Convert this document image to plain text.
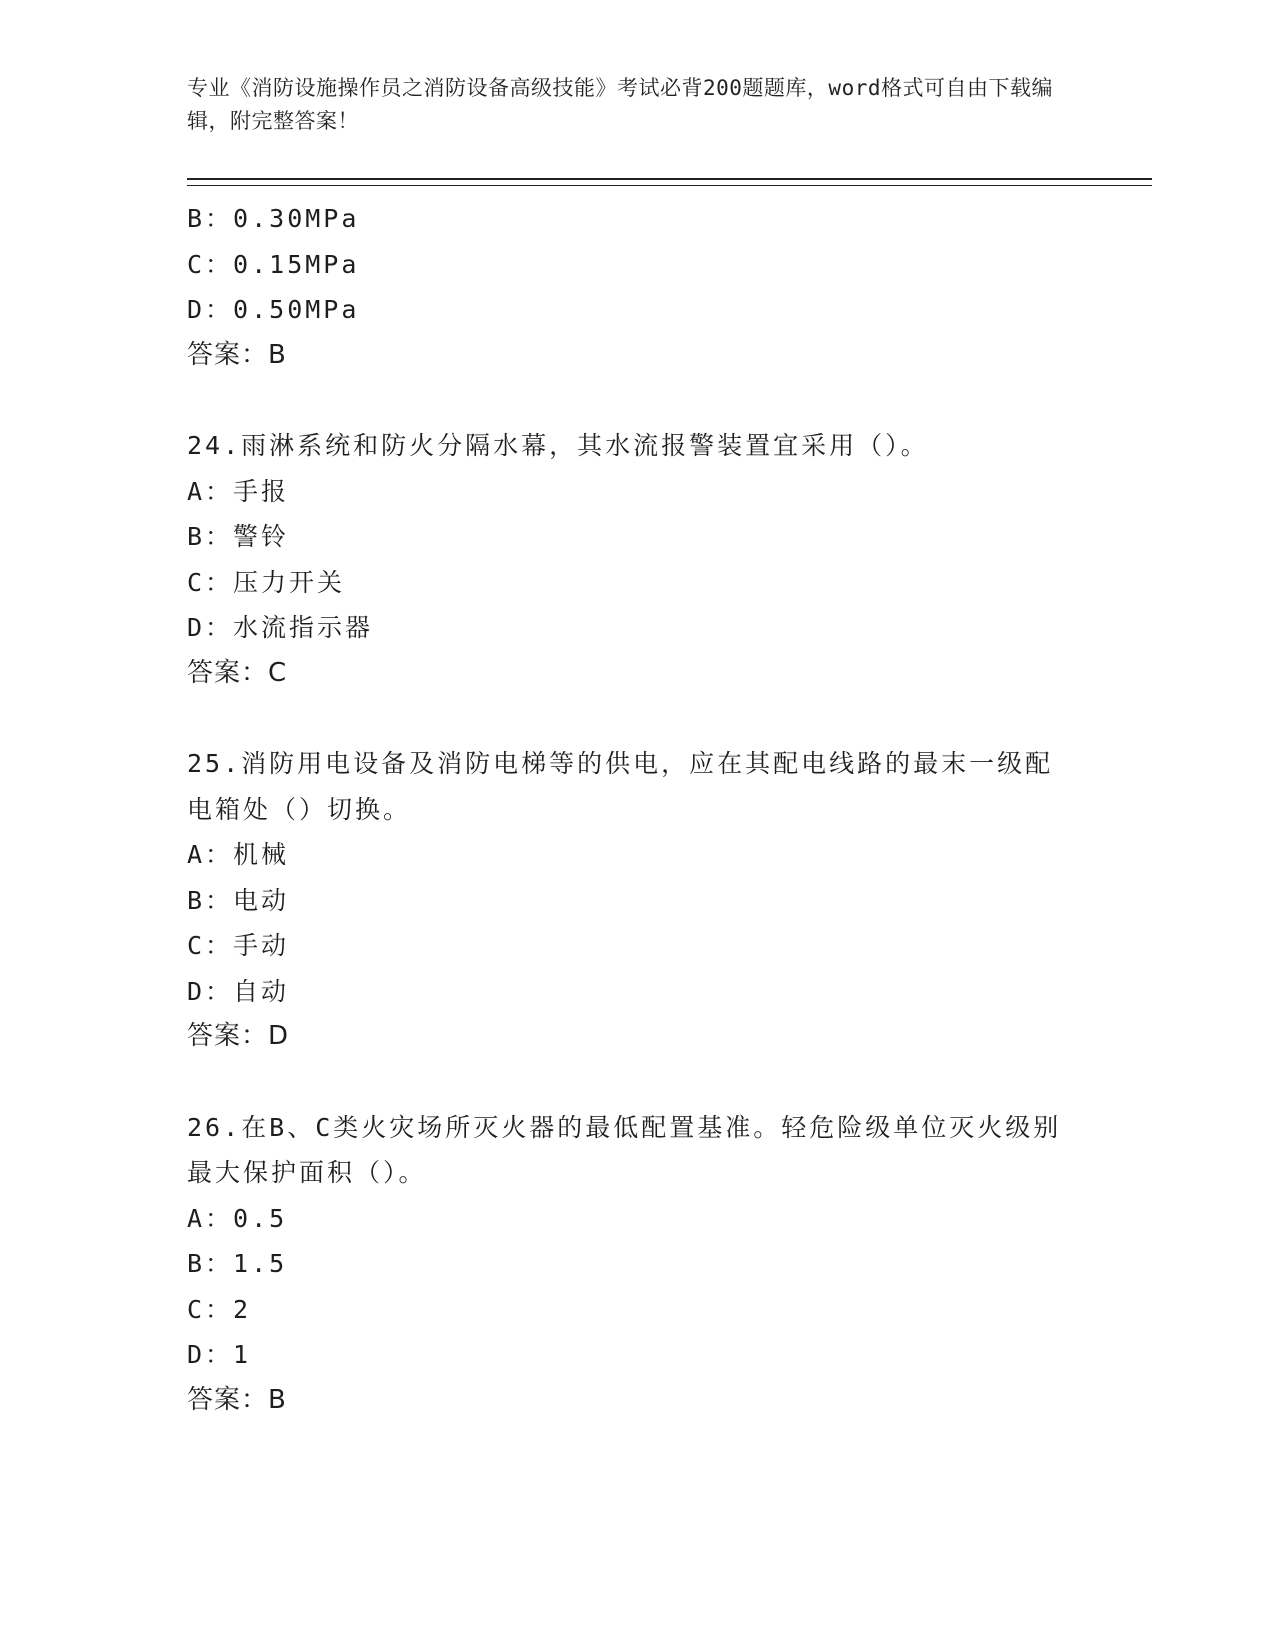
专业《消防设施操作员之消防设备高级技能》考试必背200题题库，word格式可自由下载编辑，附完整答案！
B：0.30MPa
C：0.15MPa
D：0.50MPa
答案：B
24.雨淋系统和防火分隔水幕，其水流报警装置宜采用（）。
A：手报
B：警铃
C：压力开关
D：水流指示器
答案：C
25.消防用电设备及消防电梯等的供电，应在其配电线路的最末一级配电箱处（）切换。
A：机械
B：电动
C：手动
D：自动
答案：D
26.在B、C类火灾场所灭火器的最低配置基准。轻危险级单位灭火级别最大保护面积（）。
A：0.5
B：1.5
C：2
D：1
答案：B
